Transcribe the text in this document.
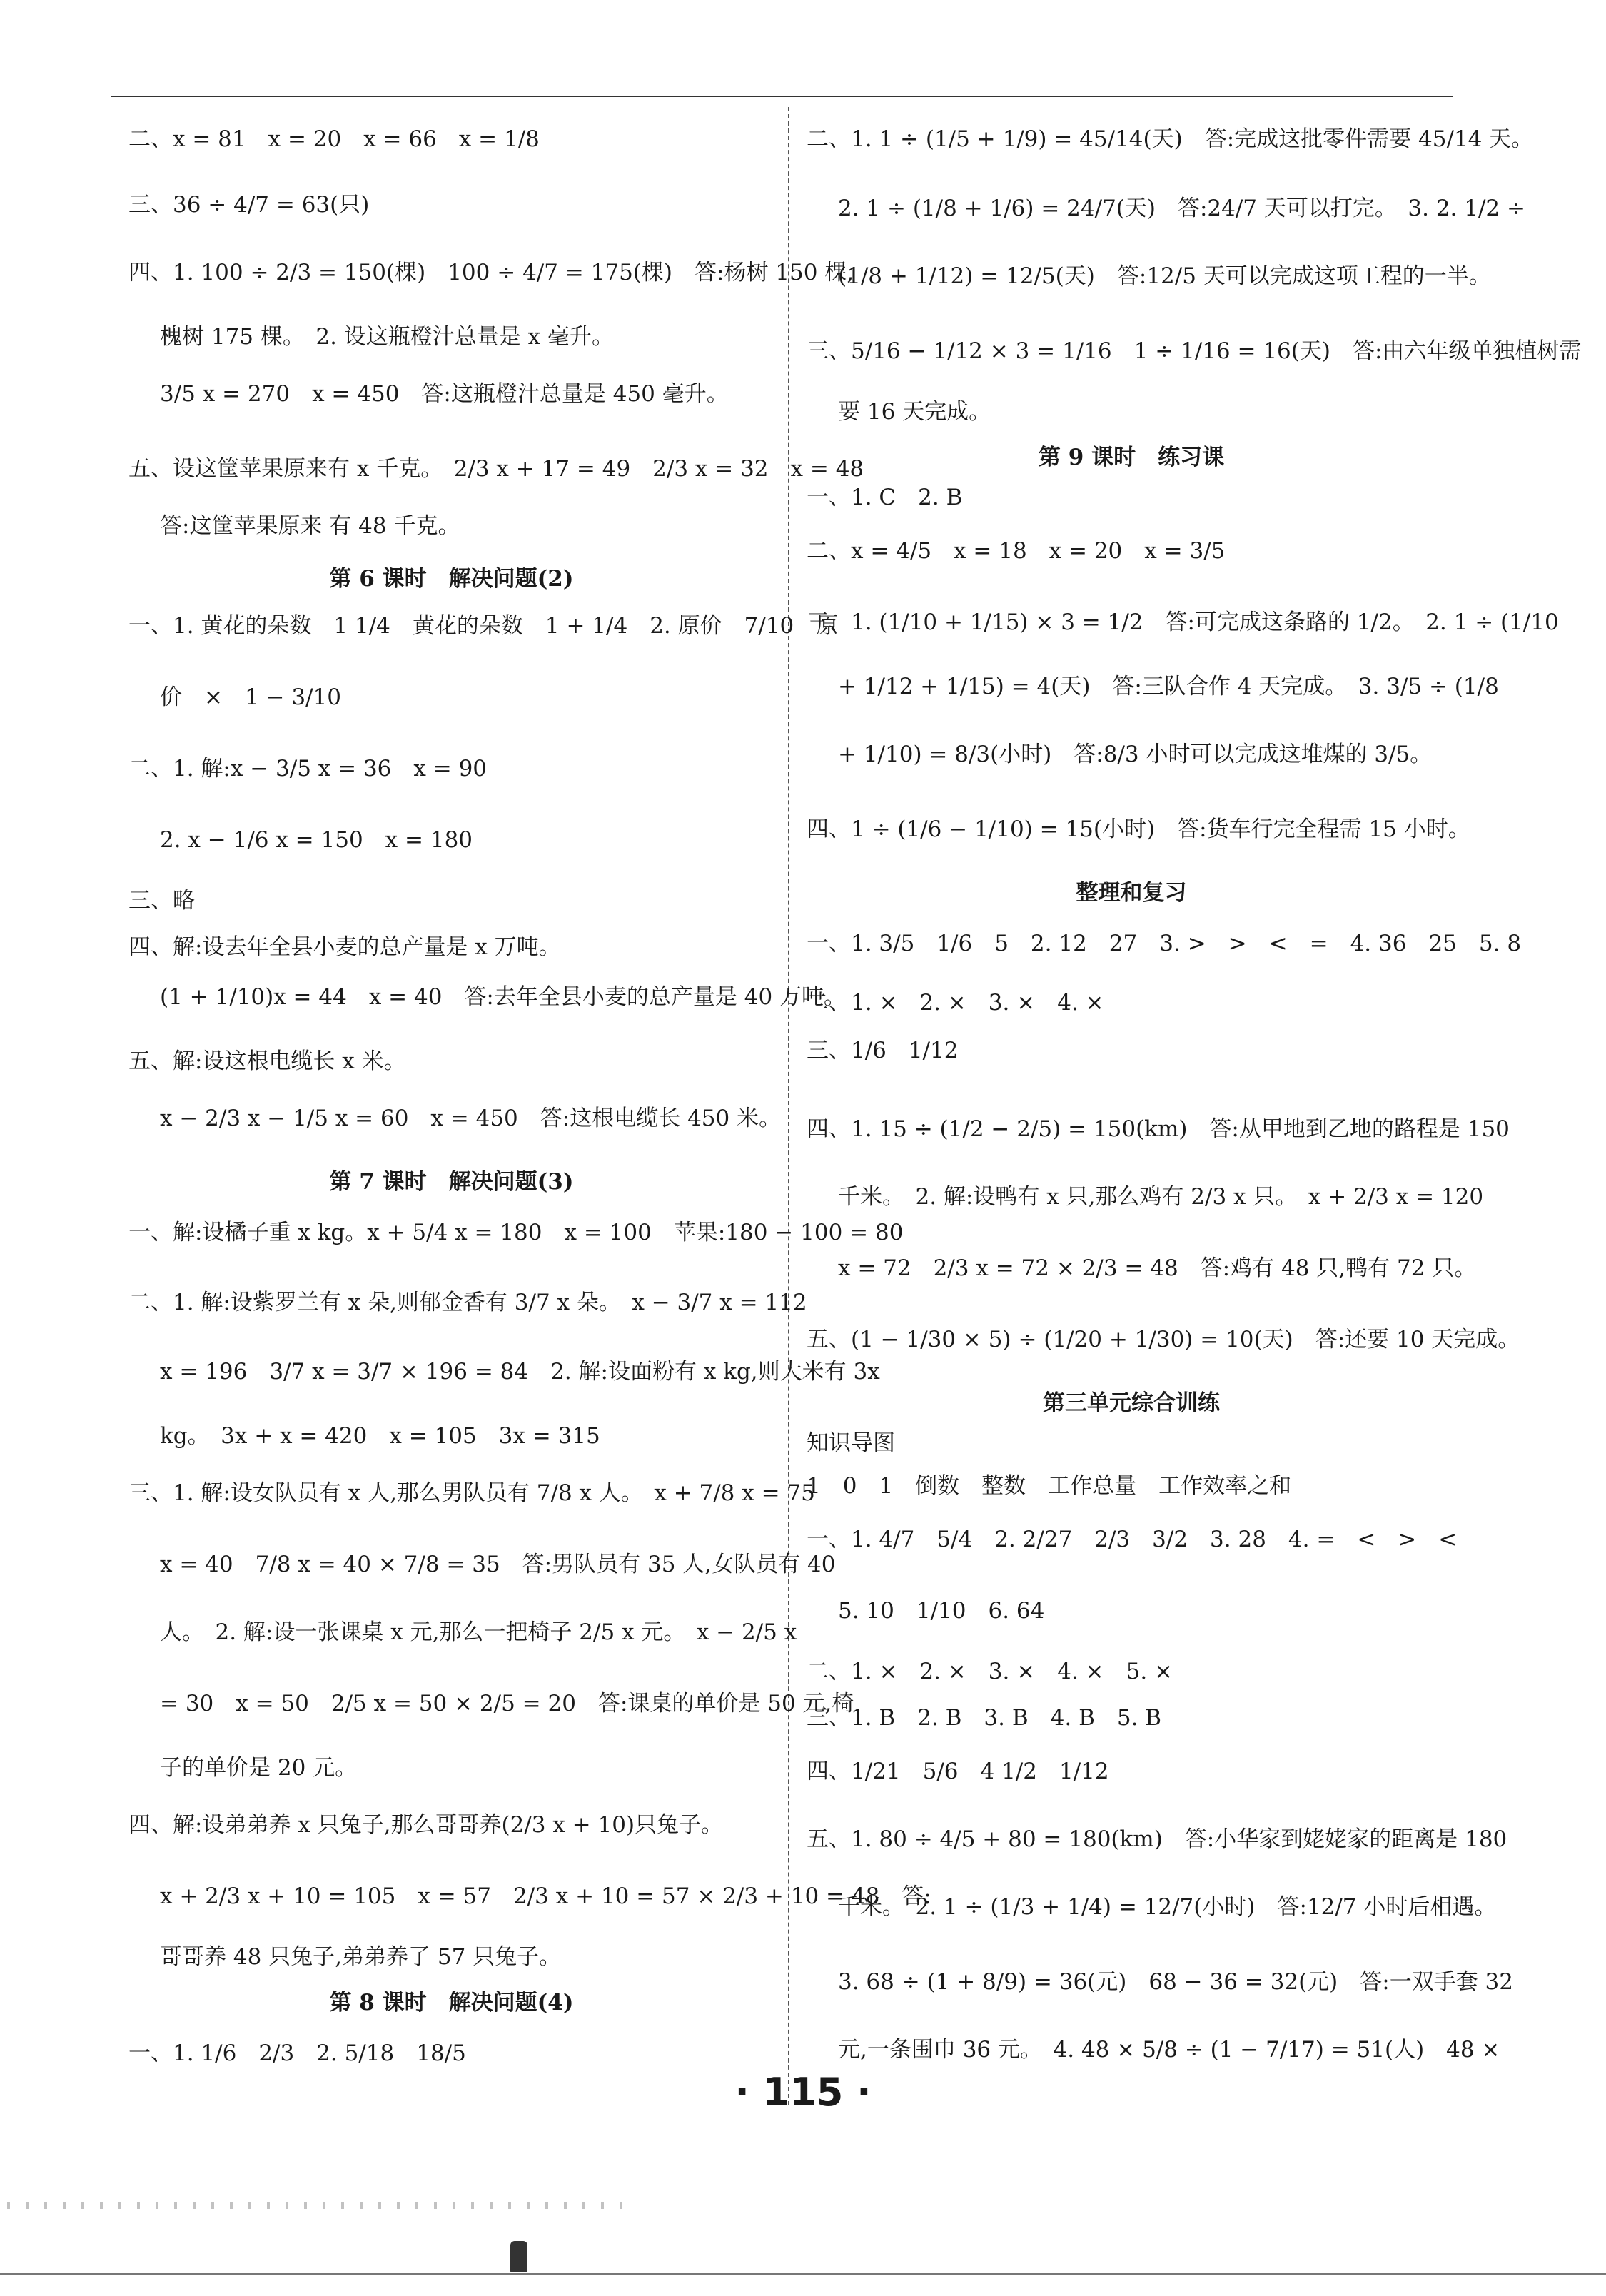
二、x = 81　x = 20　x = 66　x = 1/8
三、36 ÷ 4/7 = 63(只)
四、1. 100 ÷ 2/3 = 150(棵)　100 ÷ 4/7 = 175(棵)　答:杨树 150 棵,
槐树 175 棵。　2. 设这瓶橙汁总量是 x 毫升。
3/5 x = 270　x = 450　答:这瓶橙汁总量是 450 毫升。
五、设这筐苹果原来有 x 千克。　2/3 x + 17 = 49　2/3 x = 32　x = 48
答:这筐苹果原来 有 48 千克。
第 6 课时　解决问题(2)
一、1. 黄花的朵数　1 1/4　黄花的朵数　1 + 1/4　2. 原价　7/10　原
价　×　1 − 3/10
二、1. 解:x − 3/5 x = 36　x = 90
2. x − 1/6 x = 150　x = 180
三、略
四、解:设去年全县小麦的总产量是 x 万吨。
(1 + 1/10)x = 44　x = 40　答:去年全县小麦的总产量是 40 万吨。
五、解:设这根电缆长 x 米。
x − 2/3 x − 1/5 x = 60　x = 450　答:这根电缆长 450 米。
第 7 课时　解决问题(3)
一、解:设橘子重 x kg。x + 5/4 x = 180　x = 100　苹果:180 − 100 = 80
二、1. 解:设紫罗兰有 x 朵,则郁金香有 3/7 x 朵。　x − 3/7 x = 112
x = 196　3/7 x = 3/7 × 196 = 84　2. 解:设面粉有 x kg,则大米有 3x
kg。　3x + x = 420　x = 105　3x = 315
三、1. 解:设女队员有 x 人,那么男队员有 7/8 x 人。　x + 7/8 x = 75
x = 40　7/8 x = 40 × 7/8 = 35　答:男队员有 35 人,女队员有 40
人。　2. 解:设一张课桌 x 元,那么一把椅子 2/5 x 元。　x − 2/5 x
= 30　x = 50　2/5 x = 50 × 2/5 = 20　答:课桌的单价是 50 元,椅
子的单价是 20 元。
四、解:设弟弟养 x 只兔子,那么哥哥养(2/3 x + 10)只兔子。
x + 2/3 x + 10 = 105　x = 57　2/3 x + 10 = 57 × 2/3 + 10 = 48　答:
哥哥养 48 只兔子,弟弟养了 57 只兔子。
第 8 课时　解决问题(4)
一、1. 1/6　2/3　2. 5/18　18/5
二、1. 1 ÷ (1/5 + 1/9) = 45/14(天)　答:完成这批零件需要 45/14 天。
2. 1 ÷ (1/8 + 1/6) = 24/7(天)　答:24/7 天可以打完。　3. 2. 1/2 ÷
(1/8 + 1/12) = 12/5(天)　答:12/5 天可以完成这项工程的一半。
三、5/16 − 1/12 × 3 = 1/16　1 ÷ 1/16 = 16(天)　答:由六年级单独植树需
要 16 天完成。
第 9 课时　练习课
一、1. C　2. B
二、x = 4/5　x = 18　x = 20　x = 3/5
三、1. (1/10 + 1/15) × 3 = 1/2　答:可完成这条路的 1/2。　2. 1 ÷ (1/10
+ 1/12 + 1/15) = 4(天)　答:三队合作 4 天完成。　3. 3/5 ÷ (1/8
+ 1/10) = 8/3(小时)　答:8/3 小时可以完成这堆煤的 3/5。
四、1 ÷ (1/6 − 1/10) = 15(小时)　答:货车行完全程需 15 小时。
整理和复习
一、1. 3/5　1/6　5　2. 12　27　3. >　>　<　=　4. 36　25　5. 8
二、1. ×　2. ×　3. ×　4. ×
三、1/6　1/12
四、1. 15 ÷ (1/2 − 2/5) = 150(km)　答:从甲地到乙地的路程是 150
千米。　2. 解:设鸭有 x 只,那么鸡有 2/3 x 只。　x + 2/3 x = 120
x = 72　2/3 x = 72 × 2/3 = 48　答:鸡有 48 只,鸭有 72 只。
五、(1 − 1/30 × 5) ÷ (1/20 + 1/30) = 10(天)　答:还要 10 天完成。
第三单元综合训练
知识导图
1　0　1　倒数　整数　工作总量　工作效率之和
一、1. 4/7　5/4　2. 2/27　2/3　3/2　3. 28　4. =　<　>　<
5. 10　1/10　6. 64
二、1. ×　2. ×　3. ×　4. ×　5. ×
三、1. B　2. B　3. B　4. B　5. B
四、1/21　5/6　4 1/2　1/12
五、1. 80 ÷ 4/5 + 80 = 180(km)　答:小华家到姥姥家的距离是 180
千米。　2. 1 ÷ (1/3 + 1/4) = 12/7(小时)　答:12/7 小时后相遇。
3. 68 ÷ (1 + 8/9) = 36(元)　68 − 36 = 32(元)　答:一双手套 32
元,一条围巾 36 元。　4. 48 × 5/8 ÷ (1 − 7/17) = 51(人)　48 ×
· 115 ·
